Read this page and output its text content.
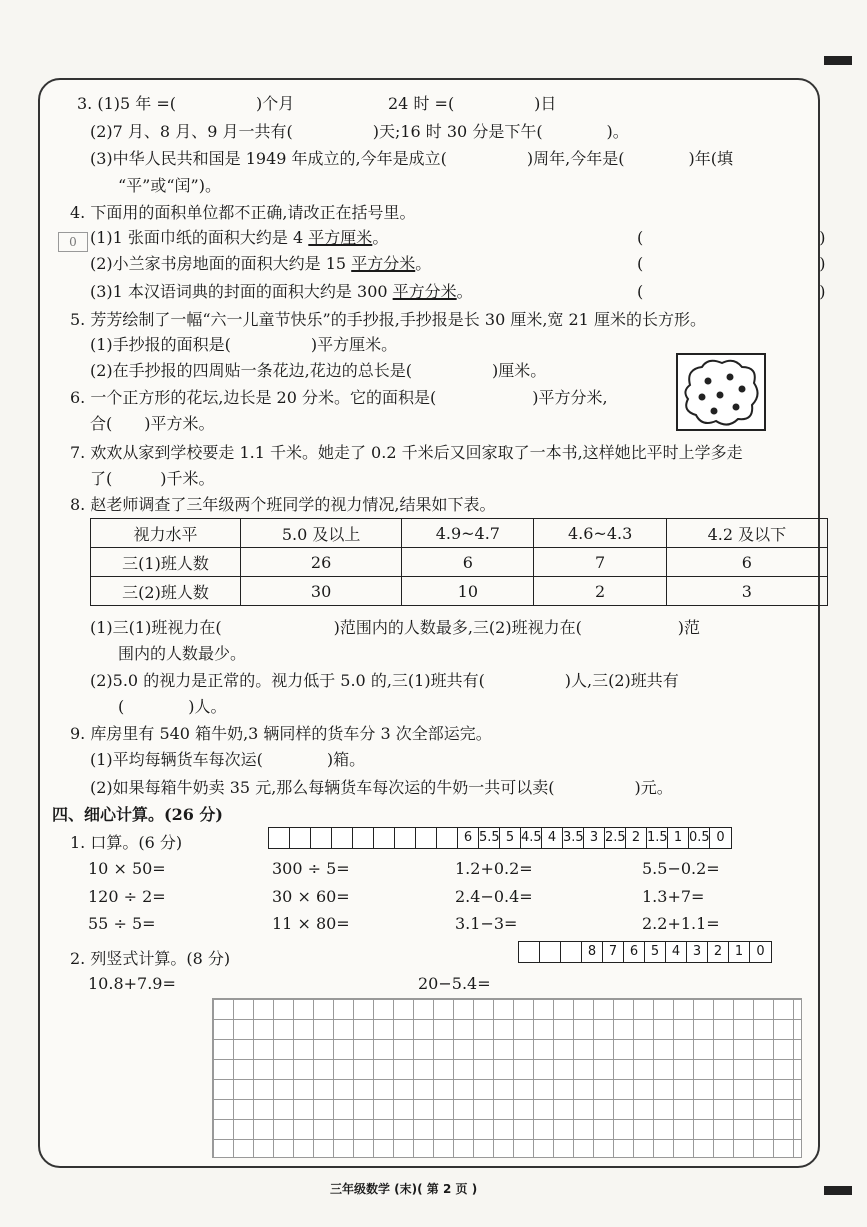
3. (1)5 年 =(　　　　　)个月	24 时 =(　　　　　)日
(2)7 月、8 月、9 月一共有(　　　　　)天;16 时 30 分是下午(　　　　)。
(3)中华人民共和国是 1949 年成立的,今年是成立(　　　　　)周年,今年是(　　　　)年(填
“平”或“闰”)。
4. 下面用的面积单位都不正确,请改正在括号里。
0 (1)1 张面巾纸的面积大约是 4 平方厘米。	(　　　　　　　　　　　)
(2)小兰家书房地面的面积大约是 15 平方分米。	(　　　　　　　　　　　)
(3)1 本汉语词典的封面的面积大约是 300 平方分米。	(　　　　　　　　　　　)
5. 芳芳绘制了一幅“六一儿童节快乐”的手抄报,手抄报是长 30 厘米,宽 21 厘米的长方形。
(1)手抄报的面积是(　　　　　)平方厘米。
(2)在手抄报的四周贴一条花边,花边的总长是(　　　　　)厘米。
6. 一个正方形的花坛,边长是 20 分米。它的面积是(　　　　　　)平方分米,
合(　　)平方米。
7. 欢欢从家到学校要走 1.1 千米。她走了 0.2 千米后又回家取了一本书,这样她比平时上学多走
了(　　　)千米。
8. 赵老师调查了三年级两个班同学的视力情况,结果如下表。
视力水平	5.0 及以上	4.9~4.7	4.6~4.3	4.2 及以下
三(1)班人数	26	6	7	6
三(2)班人数	30	10	2	3
(1)三(1)班视力在(　　　　　　　)范围内的人数最多,三(2)班视力在(　　　　　　)范
围内的人数最少。
(2)5.0 的视力是正常的。视力低于 5.0 的,三(1)班共有(　　　　　)人,三(2)班共有
(　　　　)人。
9. 库房里有 540 箱牛奶,3 辆同样的货车分 3 次全部运完。
(1)平均每辆货车每次运(　　　　)箱。
(2)如果每箱牛奶卖 35 元,那么每辆货车每次运的牛奶一共可以卖(　　　　　)元。
四、细心计算。(26 分)
1. 口算。(6 分)	6 5.5 5 4.5 4 3.5 3 2.5 2 1.5 1 0.5 0
10 × 50=	300 ÷ 5=	1.2+0.2=	5.5−0.2=
120 ÷ 2=	30 × 60=	2.4−0.4=	1.3+7=
55 ÷ 5=	11 × 80=	3.1−3=	2.2+1.1=
2. 列竖式计算。(8 分)	8 7 6 5 4 3 2 1	0
10.8+7.9=	20−5.4=
三年级数学 (末)( 第 2 页 )
